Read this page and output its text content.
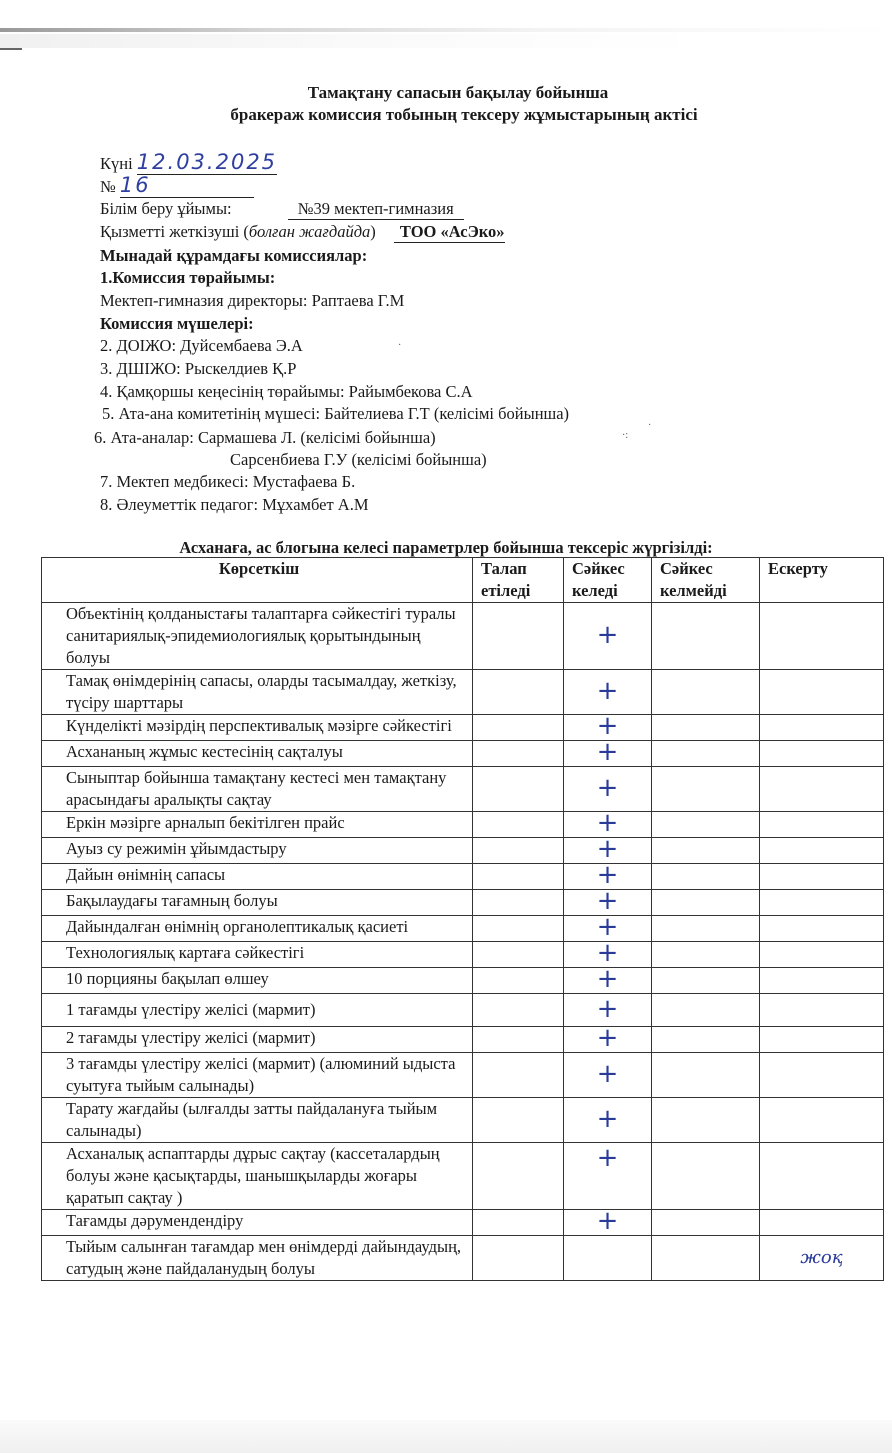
Тамақтану сапасын бақылау бойынша
бракераж комиссия тобының тексеру жұмыстарының актісі
Күні 12.03.2025
№ 16
Білім беру ұйымы:	№39 мектеп-гимназия
Қызметті жеткізуші (болған жағдайда) ТОО «АсЭко»
Мынадай құрамдағы комиссиялар:
1.Комиссия төрайымы:
Мектеп-гимназия директоры: Раптаева Г.М
Комиссия мүшелері:
2. ДОІЖО: Дуйсембаева Э.А
3. ДШІЖО: Рыскелдиев Қ.Р
4. Қамқоршы кеңесінің төрайымы: Райымбекова С.А
5. Ата-ана комитетінің мүшесі: Байтелиева Г.Т (келісімі бойынша)
6. Ата-аналар: Сармашева Л. (келісімі бойынша)
Сарсенбиева Г.У (келісімі бойынша)
7. Мектеп медбикесі: Мустафаева Б.
8. Әлеуметтік педагог: Мұхамбет А.М
·
·:
·
Асханаға, ас блогына келесі параметрлер бойынша тексеріс жүргізілді:
Көрсеткіш	Талап етіледі	Сәйкес келеді	Сәйкес келмейді	Ескерту
Объектінің қолданыстағы талаптарға сәйкестігі туралы санитариялық-эпидемиологиялық қорытындының болуы		+		
Тамақ өнімдерінің сапасы, оларды тасымалдау, жеткізу, түсіру шарттары		+		
Күнделікті мәзірдің перспективалық мәзірге сәйкестігі		+		
Асхананың жұмыс кестесінің сақталуы		+		
Сыныптар бойынша тамақтану кестесі мен тамақтану арасындағы аралықты сақтау		+		
Еркін мәзірге арналып бекітілген прайс		+		
Ауыз су режимін ұйымдастыру		+		
Дайын өнімнің сапасы		+		
Бақылаудағы тағамның болуы		+		
Дайындалған өнімнің органолептикалық қасиеті		+		
Технологиялық картаға сәйкестігі		+		
10 порцияны бақылап өлшеу		+		
1 тағамды үлестіру желісі (мармит)		+		
2 тағамды үлестіру желісі (мармит)		+		
3 тағамды үлестіру желісі (мармит) (алюминий ыдыста суытуға тыйым салынады)		+		
Тарату жағдайы (ылғалды затты пайдалануға тыйым салынады)		+		
Асханалық аспаптарды дұрыс сақтау (кассеталардың болуы және қасықтарды, шанышқыларды жоғары қаратып сақтау )		+		
Тағамды дәрумендендіру		+		
Тыйым салынған тағамдар мен өнімдерді дайындаудың, сатудың және пайдаланудың болуы				жоқ
